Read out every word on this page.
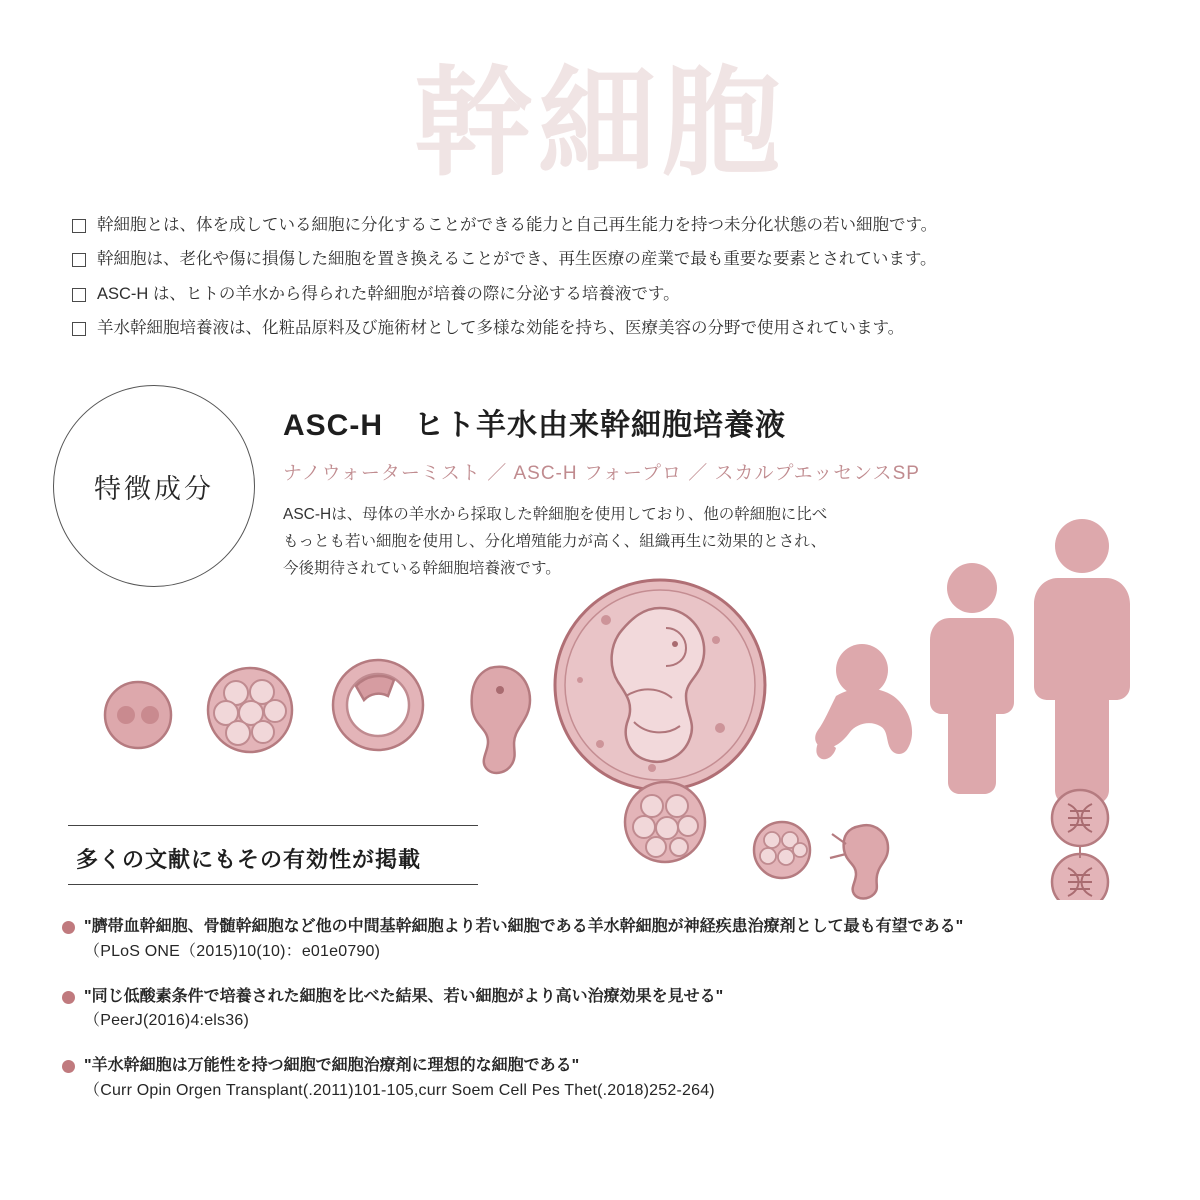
幹細胞
幹細胞とは、体を成している細胞に分化することができる能力と自己再生能力を持つ未分化状態の若い細胞です。
幹細胞は、老化や傷に損傷した細胞を置き換えることができ、再生医療の産業で最も重要な要素とされています。
ASC-H は、ヒトの羊水から得られた幹細胞が培養の際に分泌する培養液です。
羊水幹細胞培養液は、化粧品原料及び施術材として多様な効能を持ち、医療美容の分野で使用されています。
特徴成分
ASC-H　ヒト羊水由来幹細胞培養液
ナノウォーターミスト ／ ASC-H フォープロ ／ スカルプエッセンスSP
ASC-Hは、母体の羊水から採取した幹細胞を使用しており、他の幹細胞に比べ
もっとも若い細胞を使用し、分化増殖能力が高く、組織再生に効果的とされ、
今後期待されている幹細胞培養液です。
多くの文献にもその有効性が掲載
"臍帯血幹細胞、骨髄幹細胞など他の中間基幹細胞より若い細胞である羊水幹細胞が神経疾患治療剤として最も有望である"
（PLoS ONE（2015)10(10)：e01e0790)
"同じ低酸素条件で培養された細胞を比べた結果、若い細胞がより高い治療効果を見せる"
（PeerJ(2016)4:els36)
"羊水幹細胞は万能性を持つ細胞で細胞治療剤に理想的な細胞である"
（Curr Opin Orgen Transplant(.2011)101-105,curr Soem Cell Pes Thet(.2018)252-264)
